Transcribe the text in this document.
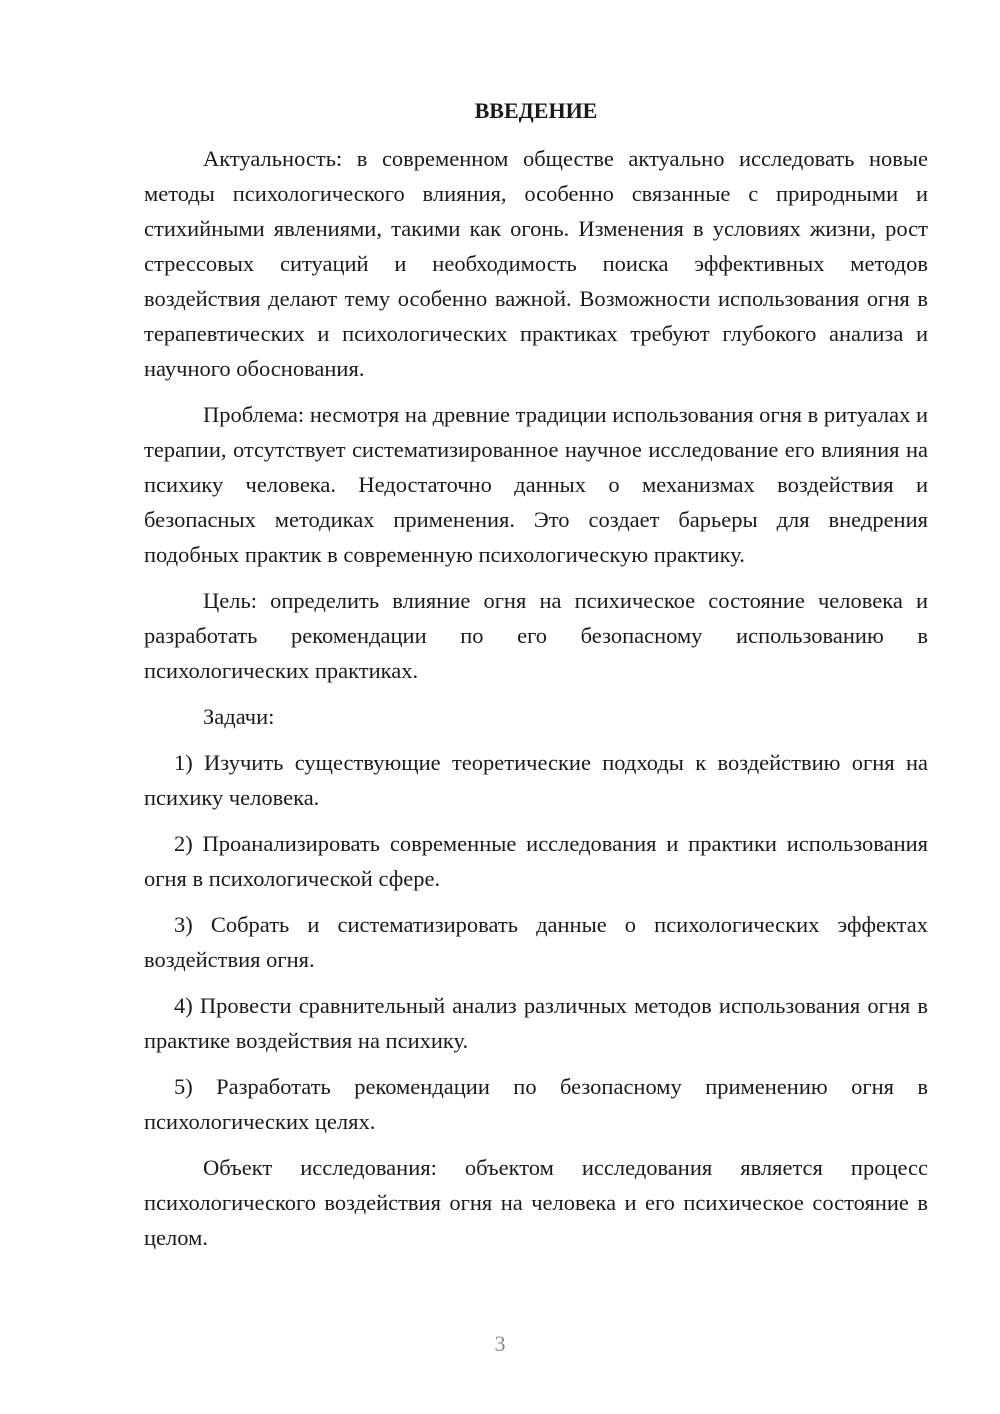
ВВЕДЕНИЕ

Актуальность: в современном обществе актуально исследовать новые методы психологического влияния, особенно связанные с природными и стихийными явлениями, такими как огонь. Изменения в условиях жизни, рост стрессовых ситуаций и необходимость поиска эффективных методов воздействия делают тему особенно важной. Возможности использования огня в терапевтических и психологических практиках требуют глубокого анализа и научного обоснования.

Проблема: несмотря на древние традиции использования огня в ритуалах и терапии, отсутствует систематизированное научное исследование его влияния на психику человека. Недостаточно данных о механизмах воздействия и безопасных методиках применения. Это создает барьеры для внедрения подобных практик в современную психологическую практику.

Цель: определить влияние огня на психическое состояние человека и разработать рекомендации по его безопасному использованию в психологических практиках.

Задачи:

1) Изучить существующие теоретические подходы к воздействию огня на психику человека.

2) Проанализировать современные исследования и практики использования огня в психологической сфере.

3) Собрать и систематизировать данные о психологических эффектах воздействия огня.

4) Провести сравнительный анализ различных методов использования огня в практике воздействия на психику.

5) Разработать рекомендации по безопасному применению огня в психологических целях.

Объект исследования: объектом исследования является процесс психологического воздействия огня на человека и его психическое состояние в целом.

3
